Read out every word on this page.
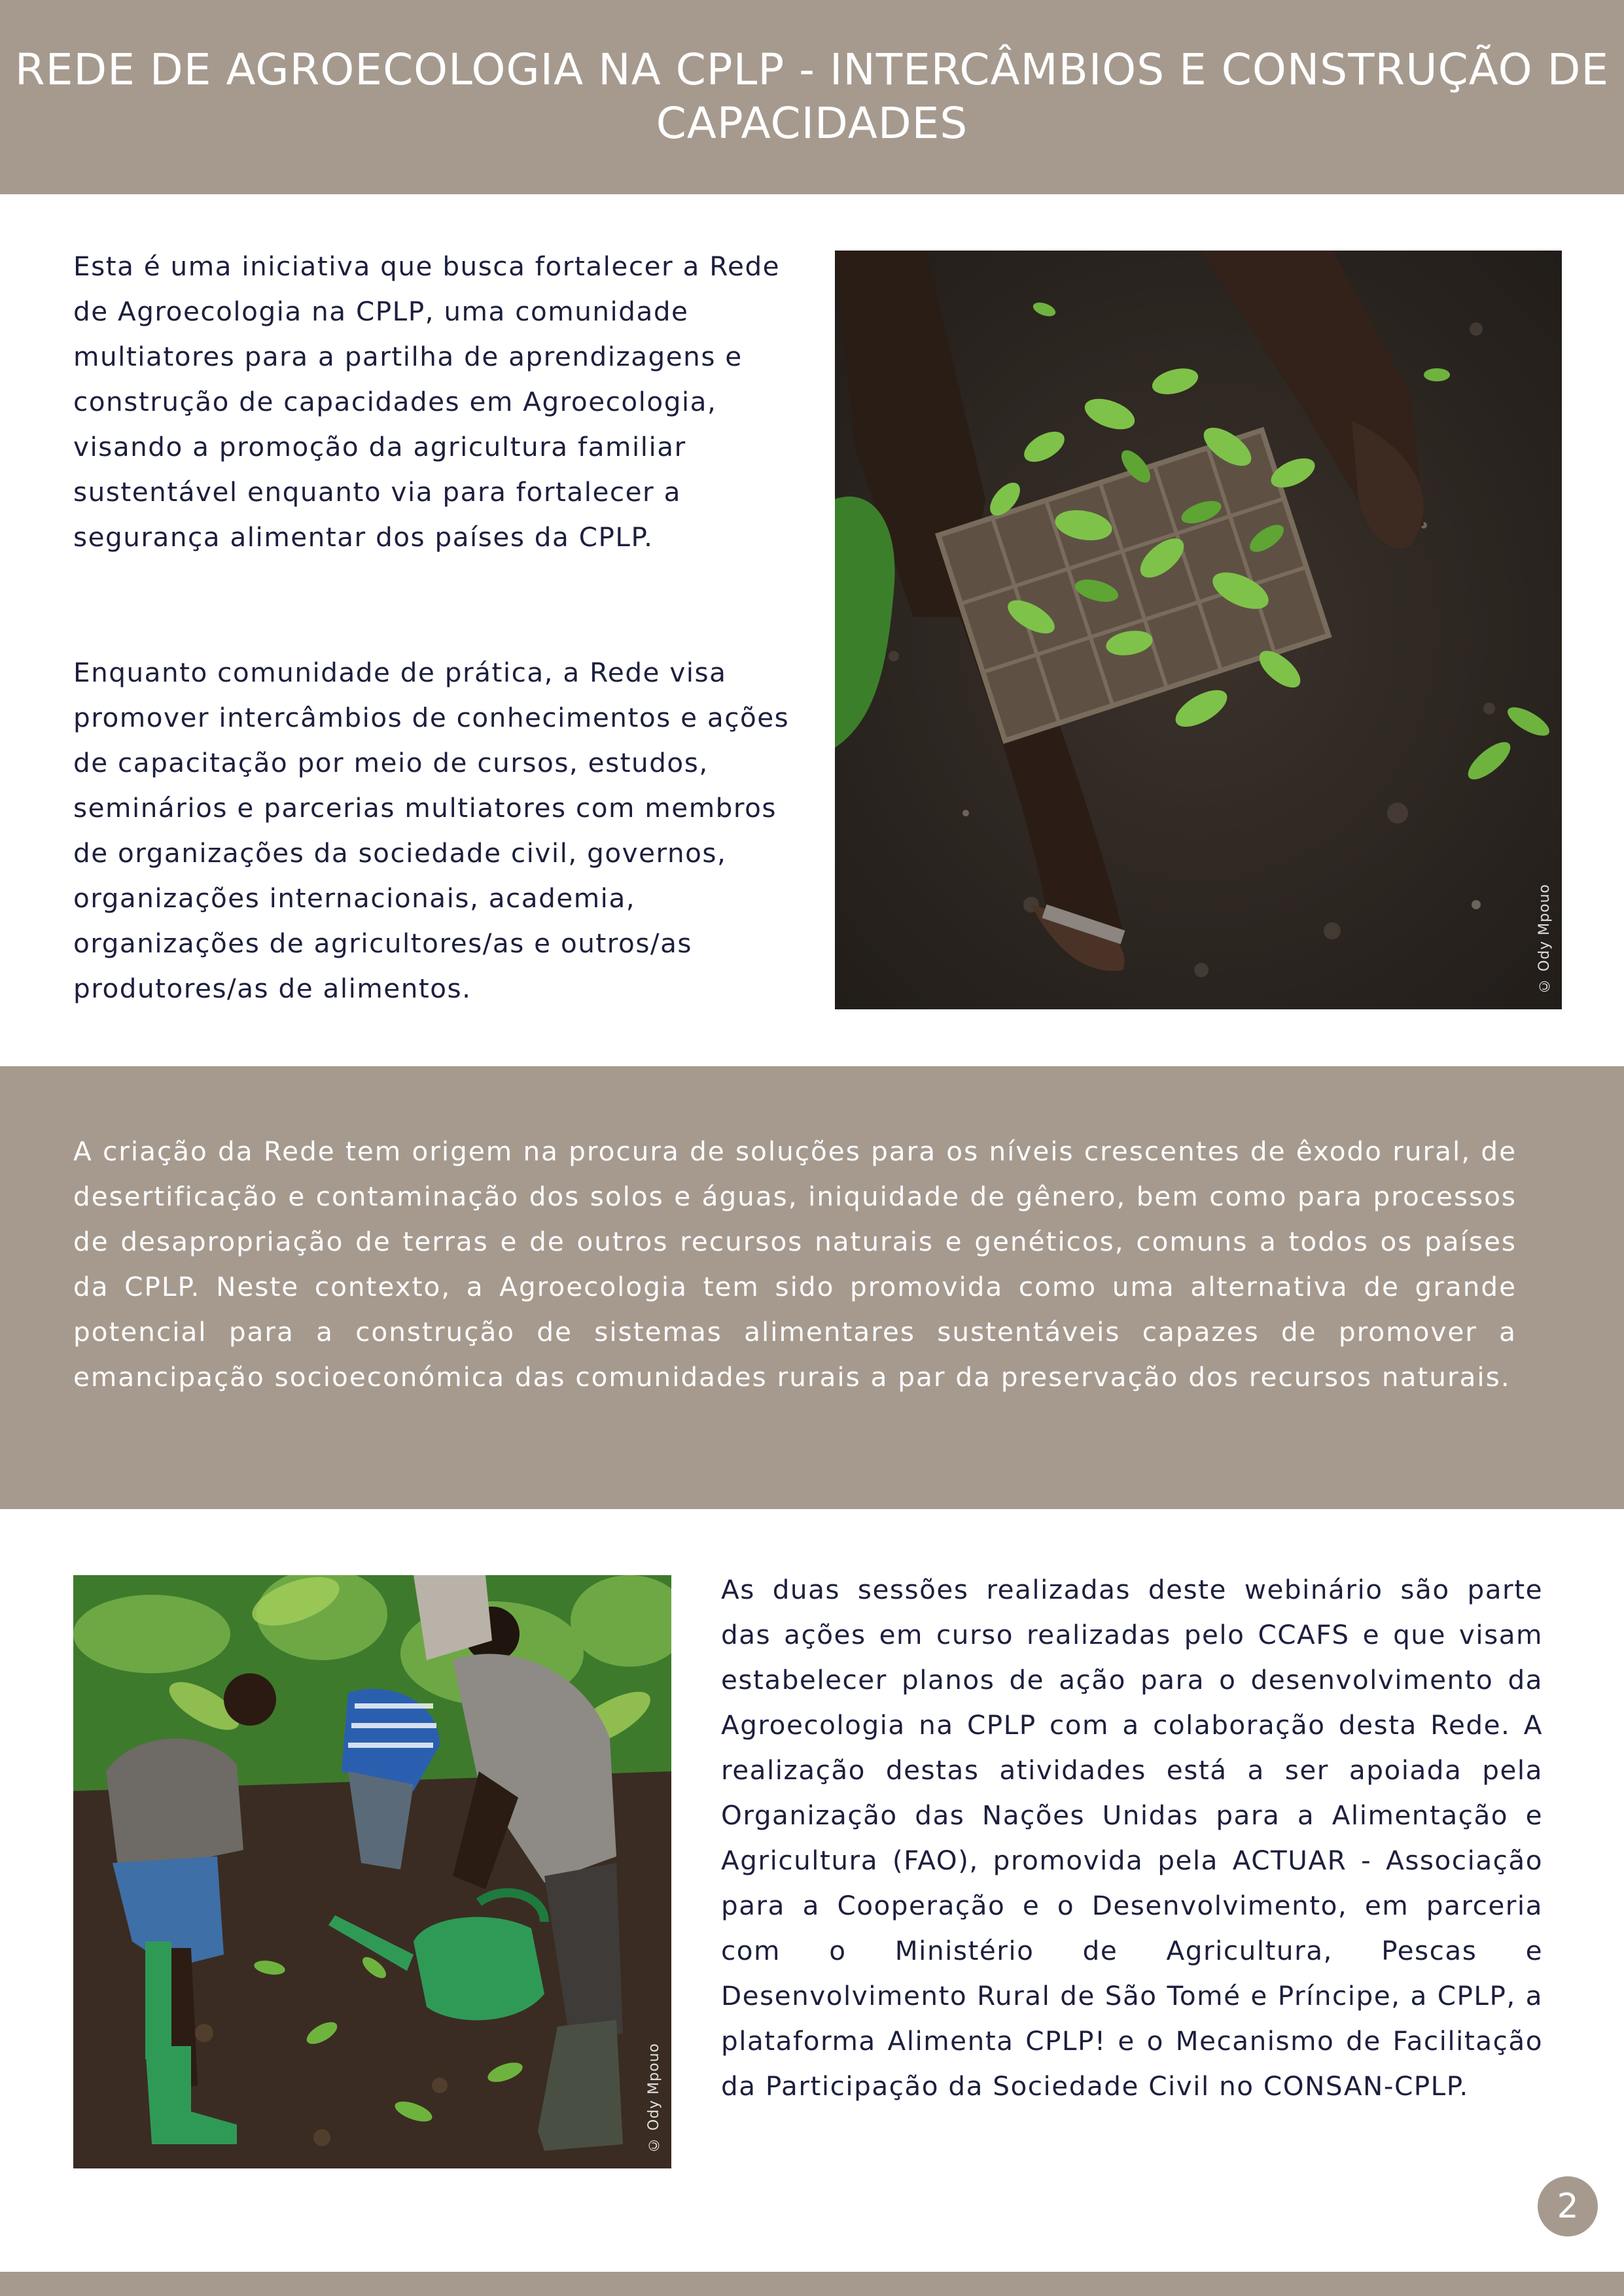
REDE DE AGROECOLOGIA NA CPLP - INTERCÂMBIOS E CONSTRUÇÃO DE CAPACIDADES

Esta é uma iniciativa que busca fortalecer a Rede de Agroecologia na CPLP, uma comunidade multiatores para a partilha de aprendizagens e construção de capacidades em Agroecologia, visando a promoção da agricultura familiar sustentável enquanto via para fortalecer a segurança alimentar dos países da CPLP.

Enquanto comunidade de prática, a Rede visa promover intercâmbios de conhecimentos e ações de capacitação por meio de cursos, estudos, seminários e parcerias multiatores com membros de organizações da sociedade civil, governos, organizações internacionais, academia, organizações de agricultores/as e outros/as produtores/as de alimentos.	© Ody Mpouo

A criação da Rede tem origem na procura de soluções para os níveis crescentes de êxodo rural, de desertificação e contaminação dos solos e águas, iniquidade de gênero, bem como para processos de desapropriação de terras e de outros recursos naturais e genéticos, comuns a todos os países da CPLP. Neste contexto, a Agroecologia tem sido promovida como uma alternativa de grande potencial para a construção de sistemas alimentares sustentáveis capazes de promover a emancipação socioeconómica das comunidades rurais a par da preservação dos recursos naturais.

© Ody Mpouo

As duas sessões realizadas deste webinário são parte das ações em curso realizadas pelo CCAFS e que visam estabelecer planos de ação para o desenvolvimento da Agroecologia na CPLP com a colaboração desta Rede. A realização destas atividades está a ser apoiada pela Organização das Nações Unidas para a Alimentação e Agricultura (FAO), promovida pela ACTUAR - Associação para a Cooperação e o Desenvolvimento, em parceria com o Ministério de Agricultura, Pescas e Desenvolvimento Rural de São Tomé e Príncipe, a CPLP, a plataforma Alimenta CPLP! e o Mecanismo de Facilitação da Participação da Sociedade Civil no CONSAN-CPLP.

2
